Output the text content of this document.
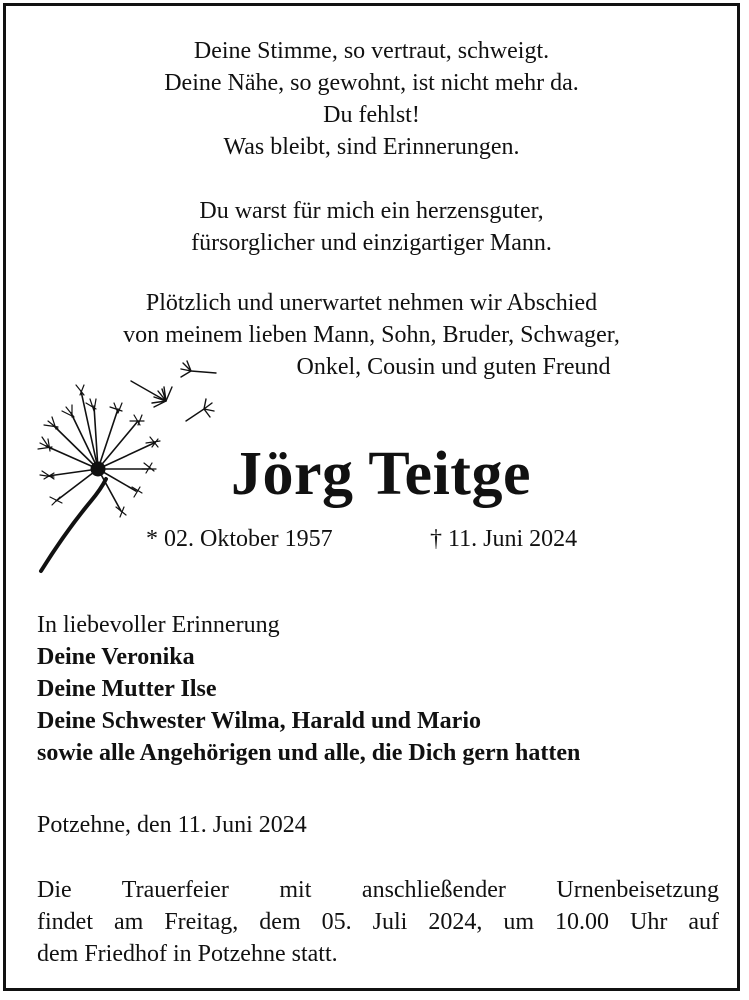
Deine Stimme, so vertraut, schweigt.
Deine Nähe, so gewohnt, ist nicht mehr da.
Du fehlst!
Was bleibt, sind Erinnerungen.
Du warst für mich ein herzensguter,
fürsorglicher und einzigartiger Mann.
Plötzlich und unerwartet nehmen wir Abschied
von meinem lieben Mann, Sohn, Bruder, Schwager,
Onkel, Cousin und guten Freund
Jörg Teitge
* 02. Oktober 1957	† 11. Juni 2024
In liebevoller Erinnerung
Deine Veronika
Deine Mutter Ilse
Deine Schwester Wilma, Harald und Mario
sowie alle Angehörigen und alle, die Dich gern hatten
Potzehne, den 11. Juni 2024
Die Trauerfeier mit anschließender Urnenbeisetzung
findet am Freitag, dem 05. Juli 2024, um 10.00 Uhr auf
dem Friedhof in Potzehne statt.
